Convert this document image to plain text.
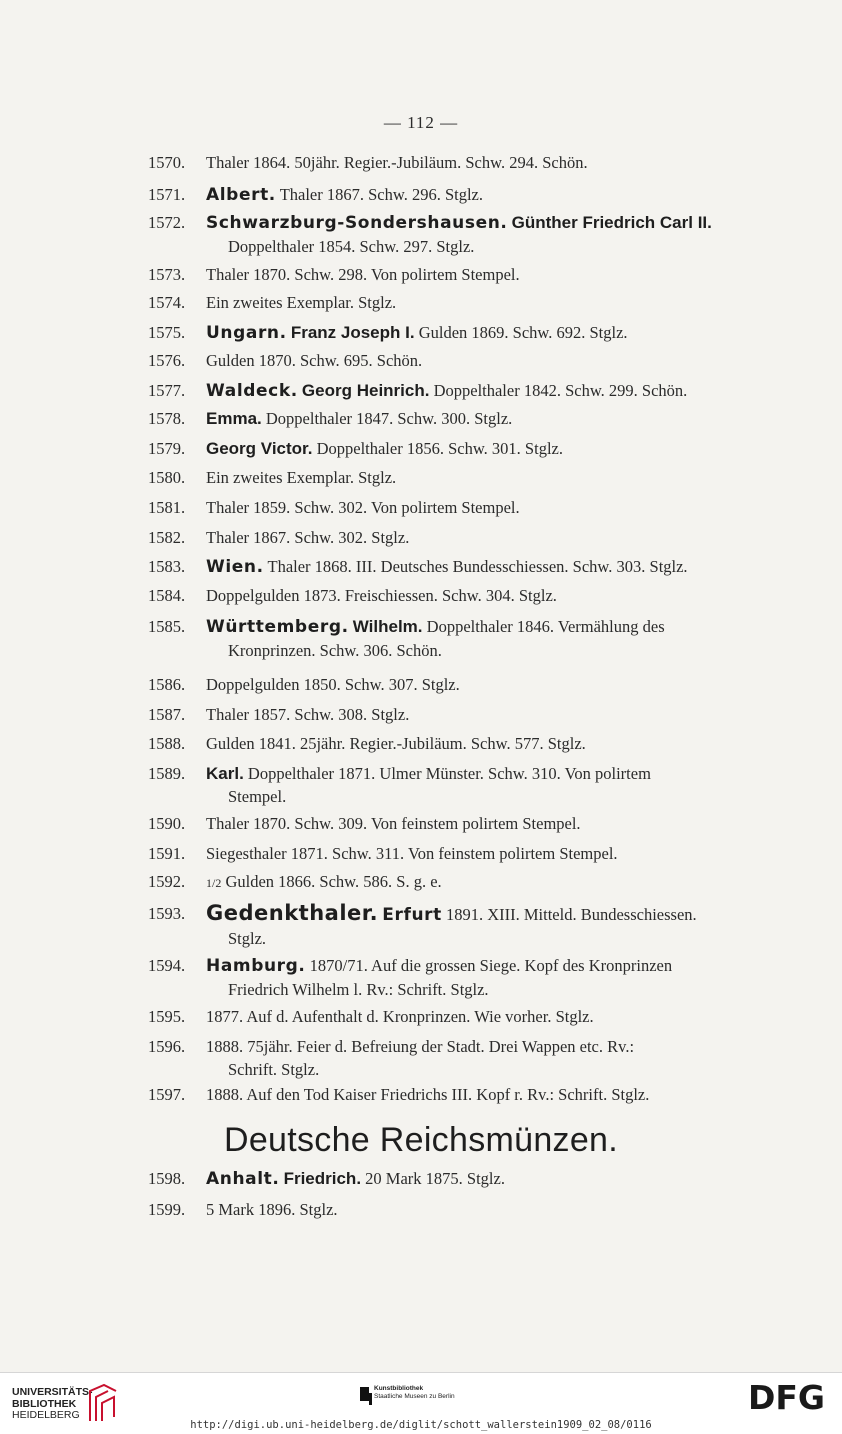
— 112 —
1570.	Thaler 1864. 50jähr. Regier.-Jubiläum. Schw. 294. Schön.
1571.	Albert. Thaler 1867. Schw. 296. Stglz.
1572.	Schwarzburg-Sondershausen. Günther Friedrich Carl II.
Doppelthaler 1854. Schw. 297. Stglz.
1573.	Thaler 1870. Schw. 298. Von polirtem Stempel.
1574.	Ein zweites Exemplar. Stglz.
1575.	Ungarn. Franz Joseph I. Gulden 1869. Schw. 692. Stglz.
1576.	Gulden 1870. Schw. 695. Schön.
1577.	Waldeck. Georg Heinrich. Doppelthaler 1842. Schw. 299. Schön.
1578.	Emma. Doppelthaler 1847. Schw. 300. Stglz.
1579.	Georg Victor. Doppelthaler 1856. Schw. 301. Stglz.
1580.	Ein zweites Exemplar. Stglz.
1581.	Thaler 1859. Schw. 302. Von polirtem Stempel.
1582.	Thaler 1867. Schw. 302. Stglz.
1583.	Wien. Thaler 1868. III. Deutsches Bundesschiessen. Schw. 303. Stglz.
1584.	Doppelgulden 1873. Freischiessen. Schw. 304. Stglz.
1585.	Württemberg. Wilhelm. Doppelthaler 1846. Vermählung des
Kronprinzen. Schw. 306. Schön.
1586.	Doppelgulden 1850. Schw. 307. Stglz.
1587.	Thaler 1857. Schw. 308. Stglz.
1588.	Gulden 1841. 25jähr. Regier.-Jubiläum. Schw. 577. Stglz.
1589.	Karl. Doppelthaler 1871. Ulmer Münster. Schw. 310. Von polirtem
Stempel.
1590.	Thaler 1870. Schw. 309. Von feinstem polirtem Stempel.
1591.	Siegesthaler 1871. Schw. 311. Von feinstem polirtem Stempel.
1592.	1/2 Gulden 1866. Schw. 586. S. g. e.
1593. Gedenkthaler. Erfurt 1891. XIII. Mitteld. Bundesschiessen.
Stglz.
1594.	Hamburg. 1870/71. Auf die grossen Siege. Kopf des Kronprinzen
Friedrich Wilhelm l. Rv.: Schrift. Stglz.
1595.	1877. Auf d. Aufenthalt d. Kronprinzen. Wie vorher. Stglz.
1596.	1888. 75jähr. Feier d. Befreiung der Stadt. Drei Wappen etc. Rv.:
Schrift. Stglz.
1597.	1888. Auf den Tod Kaiser Friedrichs III. Kopf r. Rv.: Schrift. Stglz.
Deutsche Reichsmünzen.
1598.	Anhalt. Friedrich. 20 Mark 1875. Stglz.
1599.	5 Mark 1896. Stglz.
UNIVERSITÄTS-
BIBLIOTHEK
HEIDELBERG
Kunstbibliothek
Staatliche Museen zu Berlin	DFG
http://digi.ub.uni-heidelberg.de/diglit/schott_wallerstein1909_02_08/0116
